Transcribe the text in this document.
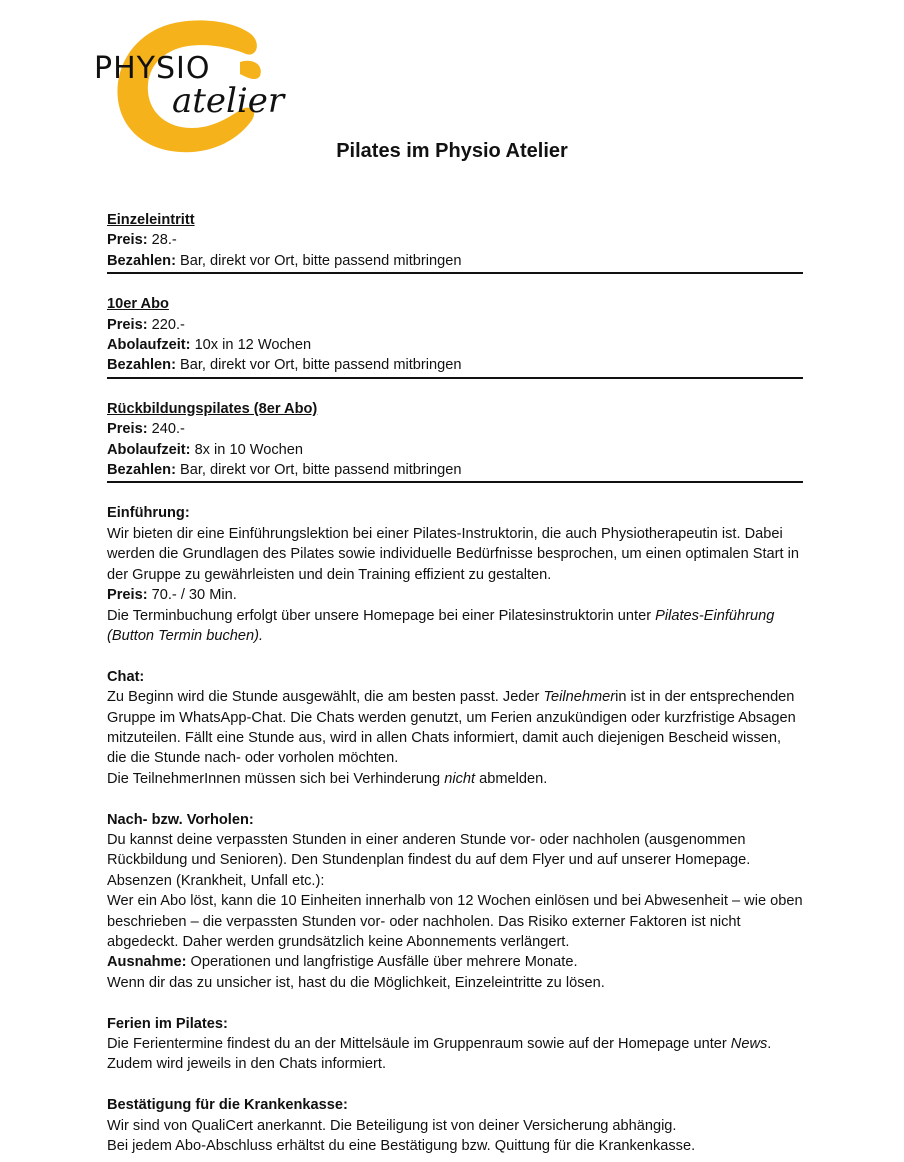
PHYSIO
atelier
Pilates im Physio Atelier

Einzeleintritt

Preis: 28.-

Bezahlen: Bar, direkt vor Ort, bitte passend mitbringen

10er Abo

Preis: 220.-

Abolaufzeit: 10x in 12 Wochen

Bezahlen: Bar, direkt vor Ort, bitte passend mitbringen

Rückbildungspilates (8er Abo)

Preis: 240.-

Abolaufzeit: 8x in 10 Wochen

Bezahlen: Bar, direkt vor Ort, bitte passend mitbringen

Einführung:

Wir bieten dir eine Einführungslektion bei einer Pilates-Instruktorin, die auch Physiotherapeutin ist. Dabei werden die Grundlagen des Pilates sowie individuelle Bedürfnisse besprochen, um einen optimalen Start in der Gruppe zu gewährleisten und dein Training effizient zu gestalten.

Preis: 70.- / 30 Min.

Die Terminbuchung erfolgt über unsere Homepage bei einer Pilatesinstruktorin unter Pilates-Einführung (Button Termin buchen).

Chat:

Zu Beginn wird die Stunde ausgewählt, die am besten passt. Jeder Teilnehmerin ist in der entsprechenden Gruppe im WhatsApp-Chat. Die Chats werden genutzt, um Ferien anzukündigen oder kurzfristige Absagen mitzuteilen. Fällt eine Stunde aus, wird in allen Chats informiert, damit auch diejenigen Bescheid wissen, die die Stunde nach- oder vorholen möchten.

Die TeilnehmerInnen müssen sich bei Verhinderung nicht abmelden.

Nach- bzw. Vorholen:

Du kannst deine verpassten Stunden in einer anderen Stunde vor- oder nachholen (ausgenommen Rückbildung und Senioren). Den Stundenplan findest du auf dem Flyer und auf unserer Homepage.

Absenzen (Krankheit, Unfall etc.):

Wer ein Abo löst, kann die 10 Einheiten innerhalb von 12 Wochen einlösen und bei Abwesenheit – wie oben beschrieben – die verpassten Stunden vor- oder nachholen. Das Risiko externer Faktoren ist nicht abgedeckt. Daher werden grundsätzlich keine Abonnements verlängert.

Ausnahme: Operationen und langfristige Ausfälle über mehrere Monate.

Wenn dir das zu unsicher ist, hast du die Möglichkeit, Einzeleintritte zu lösen.

Ferien im Pilates:

Die Ferientermine findest du an der Mittelsäule im Gruppenraum sowie auf der Homepage unter News. Zudem wird jeweils in den Chats informiert.

Bestätigung für die Krankenkasse:

Wir sind von QualiCert anerkannt. Die Beteiligung ist von deiner Versicherung abhängig.

Bei jedem Abo-Abschluss erhältst du eine Bestätigung bzw. Quittung für die Krankenkasse.
